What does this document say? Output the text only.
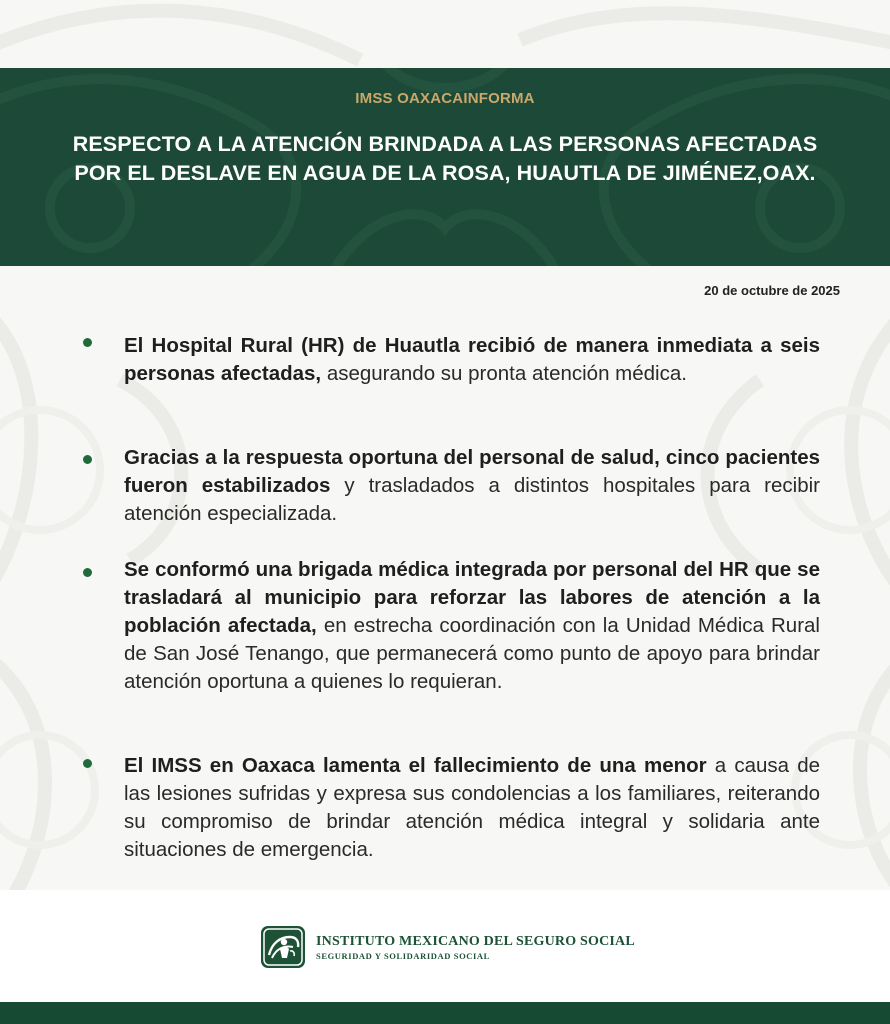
IMSS OAXACAINFORMA
RESPECTO A LA ATENCIÓN BRINDADA A LAS PERSONAS AFECTADAS
POR EL DESLAVE EN AGUA DE LA ROSA, HUAUTLA DE JIMÉNEZ,OAX.
20 de octubre de 2025
El Hospital Rural (HR) de Huautla recibió de manera inmediata a seis personas afectadas, asegurando su pronta atención médica.
Gracias a la respuesta oportuna del personal de salud, cinco pacientes fueron estabilizados y trasladados a distintos hospitales para recibir atención especializada.
Se conformó una brigada médica integrada por personal del HR que se trasladará al municipio para reforzar las labores de atención a la población afectada, en estrecha coordinación con la Unidad Médica Rural de San José Tenango, que permanecerá como punto de apoyo para brindar atención oportuna a quienes lo requieran.
El IMSS en Oaxaca lamenta el fallecimiento de una menor a causa de las lesiones sufridas y expresa sus condolencias a los familiares, reiterando su compromiso de brindar atención médica integral y solidaria ante situaciones de emergencia.
INSTITUTO MEXICANO DEL SEGURO SOCIAL
SEGURIDAD Y SOLIDARIDAD SOCIAL
